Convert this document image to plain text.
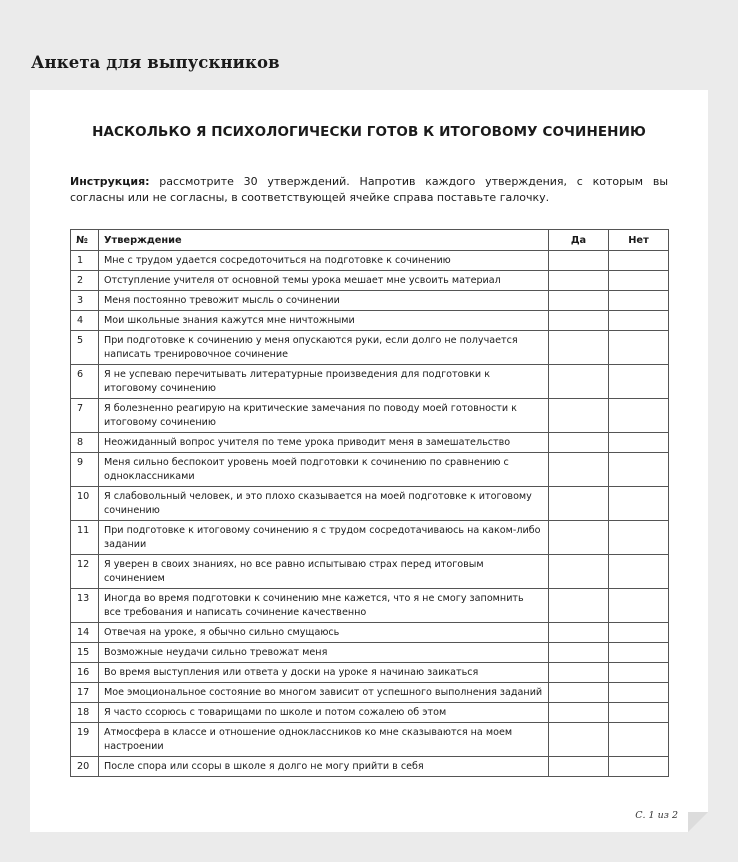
Анкета для выпускников
НАСКОЛЬКО Я ПСИХОЛОГИЧЕСКИ ГОТОВ К ИТОГОВОМУ СОЧИНЕНИЮ
Инструкция: рассмотрите 30 утверждений. Напротив каждого утверждения, с которым вы согласны или не согласны, в соответствующей ячейке справа поставьте галочку.
№	Утверждение	Да	Нет
1	Мне с трудом удается сосредоточиться на подготовке к сочинению		
2	Отступление учителя от основной темы урока мешает мне усвоить материал		
3	Меня постоянно тревожит мысль о сочинении		
4	Мои школьные знания кажутся мне ничтожными		
5	При подготовке к сочинению у меня опускаются руки, если долго не получается написать тренировочное сочинение		
6	Я не успеваю перечитывать литературные произведения для подготовки к итоговому сочинению		
7	Я болезненно реагирую на критические замечания по поводу моей готовности к итоговому сочинению		
8	Неожиданный вопрос учителя по теме урока приводит меня в замешательство		
9	Меня сильно беспокоит уровень моей подготовки к сочинению по сравнению с одноклассниками		
10	Я слабовольный человек, и это плохо сказывается на моей подготовке к итоговому сочинению		
11	При подготовке к итоговому сочинению я с трудом сосредотачиваюсь на каком-либо задании		
12	Я уверен в своих знаниях, но все равно испытываю страх перед итоговым сочинением		
13	Иногда во время подготовки к сочинению мне кажется, что я не смогу запомнить все требования и написать сочинение качественно		
14	Отвечая на уроке, я обычно сильно смущаюсь		
15	Возможные неудачи сильно тревожат меня		
16	Во время выступления или ответа у доски на уроке я начинаю заикаться		
17	Мое эмоциональное состояние во многом зависит от успешного выполнения заданий		
18	Я часто ссорюсь с товарищами по школе и потом сожалею об этом		
19	Атмосфера в классе и отношение одноклассников ко мне сказываются на моем настроении		
20	После спора или ссоры в школе я долго не могу прийти в себя		
С. 1 из 2
